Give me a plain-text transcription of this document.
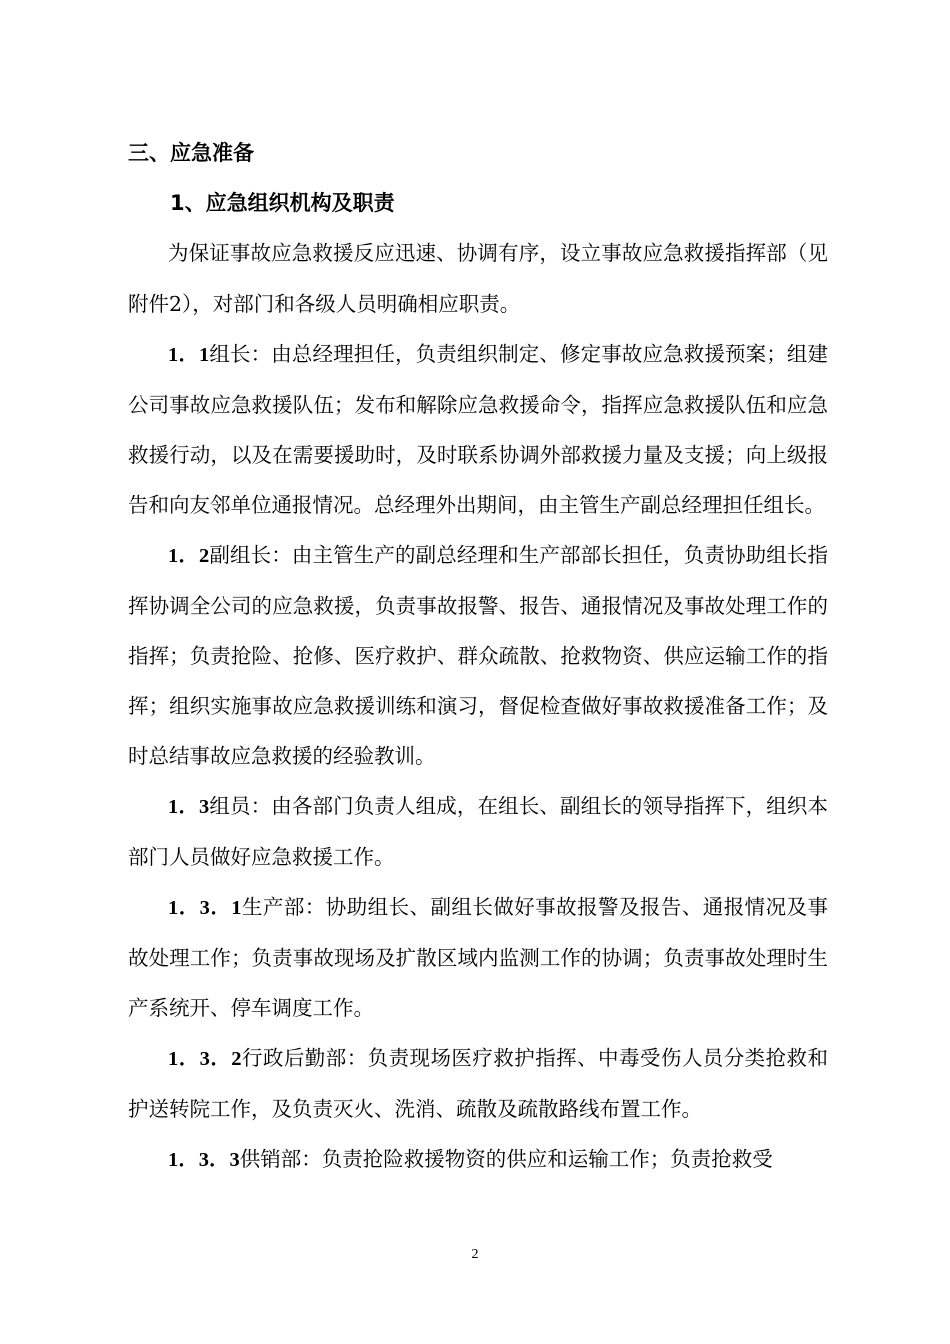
三、应急准备
1、应急组织机构及职责

为保证事故应急救援反应迅速、协调有序，设立事故应急救援指挥部（见附件2），对部门和各级人员明确相应职责。

1．1组长：由总经理担任，负责组织制定、修定事故应急救援预案；组建公司事故应急救援队伍；发布和解除应急救援命令，指挥应急救援队伍和应急救援行动，以及在需要援助时，及时联系协调外部救援力量及支援；向上级报告和向友邻单位通报情况。总经理外出期间，由主管生产副总经理担任组长。

1．2副组长：由主管生产的副总经理和生产部部长担任，负责协助组长指挥协调全公司的应急救援，负责事故报警、报告、通报情况及事故处理工作的指挥；负责抢险、抢修、医疗救护、群众疏散、抢救物资、供应运输工作的指挥；组织实施事故应急救援训练和演习，督促检查做好事故救援准备工作；及时总结事故应急救援的经验教训。

1．3组员：由各部门负责人组成，在组长、副组长的领导指挥下，组织本部门人员做好应急救援工作。

1．3．1生产部：协助组长、副组长做好事故报警及报告、通报情况及事故处理工作；负责事故现场及扩散区域内监测工作的协调；负责事故处理时生产系统开、停车调度工作。

1．3．2行政后勤部：负责现场医疗救护指挥、中毒受伤人员分类抢救和护送转院工作，及负责灭火、洗消、疏散及疏散路线布置工作。

1．3．3供销部：负责抢险救援物资的供应和运输工作；负责抢救受

2
